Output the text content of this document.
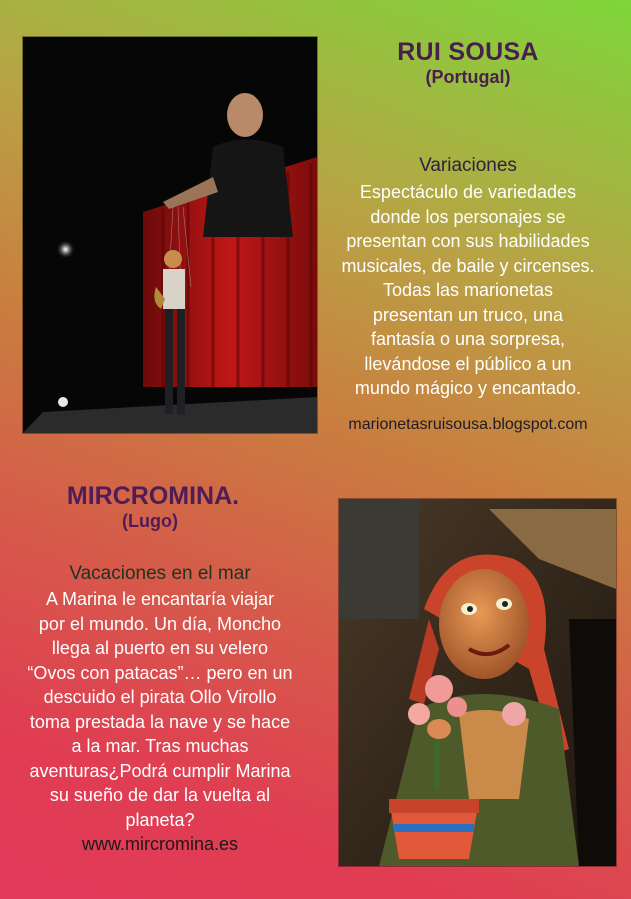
RUI SOUSA
(Portugal)
Variaciones
Espectáculo de variedades
donde los personajes se
presentan con sus habilidades
musicales, de baile y circenses.
Todas las marionetas
presentan un truco, una
fantasía o una sorpresa,
llevándose el público a un
mundo mágico y encantado.
marionetasruisousa.blogspot.com
MIRCROMINA.
(Lugo)
Vacaciones en el mar
A Marina le encantaría viajar
por el mundo. Un día, Moncho
llega al puerto en su velero
“Ovos con patacas”… pero en un
descuido el pirata Ollo Virollo
toma prestada la nave y se hace
a la mar. Tras muchas
aventuras¿Podrá cumplir Marina
su sueño de dar la vuelta al
planeta?
www.mircromina.es
